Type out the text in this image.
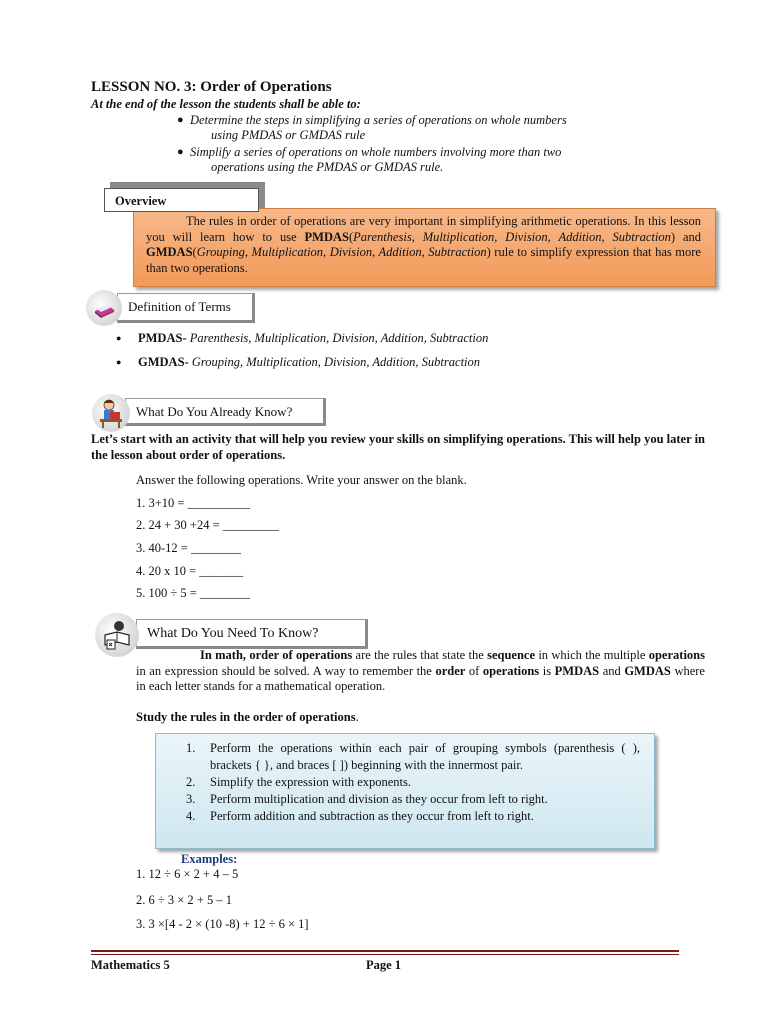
LESSON NO. 3: Order of Operations
At the end of the lesson the students shall be able to:
● Determine the steps in simplifying a series of operations on whole numbers
using PMDAS or GMDAS rule
● Simplify a series of operations on whole numbers involving more than two
operations using the PMDAS or GMDAS rule.

The rules in order of operations are very important in simplifying arithmetic operations. In this lesson you will learn how to use PMDAS(Parenthesis, Multiplication, Division, Addition, Subtraction) and GMDAS(Grouping, Multiplication, Division, Addition, Subtraction) rule to simplify expression that has more than two operations.

Overview
Definition of Terms
● PMDAS- Parenthesis, Multiplication, Division, Addition, Subtraction
● GMDAS- Grouping, Multiplication, Division, Addition, Subtraction
What Do You Already Know?
Let’s start with an activity that will help you review your skills on simplifying operations. This will help you later in the lesson about order of operations.
Answer the following operations. Write your answer on the blank.
1. 3+10 = __________
2. 24 + 30 +24 = _________
3. 40-12 = ________
4. 20 x 10 = _______
5. 100 ÷ 5 = ________
What Do You Need To Know?
In math, order of operations are the rules that state the sequence in which the multiple operations in an expression should be solved. A way to remember the order of operations is PMDAS and GMDAS where in each letter stands for a mathematical operation.
Study the rules in the order of operations.
1. Perform the operations within each pair of grouping symbols (parenthesis ( ), brackets { }, and braces [ ]) beginning with the innermost pair.
2. Simplify the expression with exponents.
3. Perform multiplication and division as they occur from left to right.
4. Perform addition and subtraction as they occur from left to right.
Examples:
1. 12 ÷ 6 × 2 + 4 – 5
2. 6 ÷ 3 × 2 + 5 – 1
3. 3 ×[4 - 2 × (10 -8) + 12 ÷ 6 × 1]
Mathematics 5	Page 1
